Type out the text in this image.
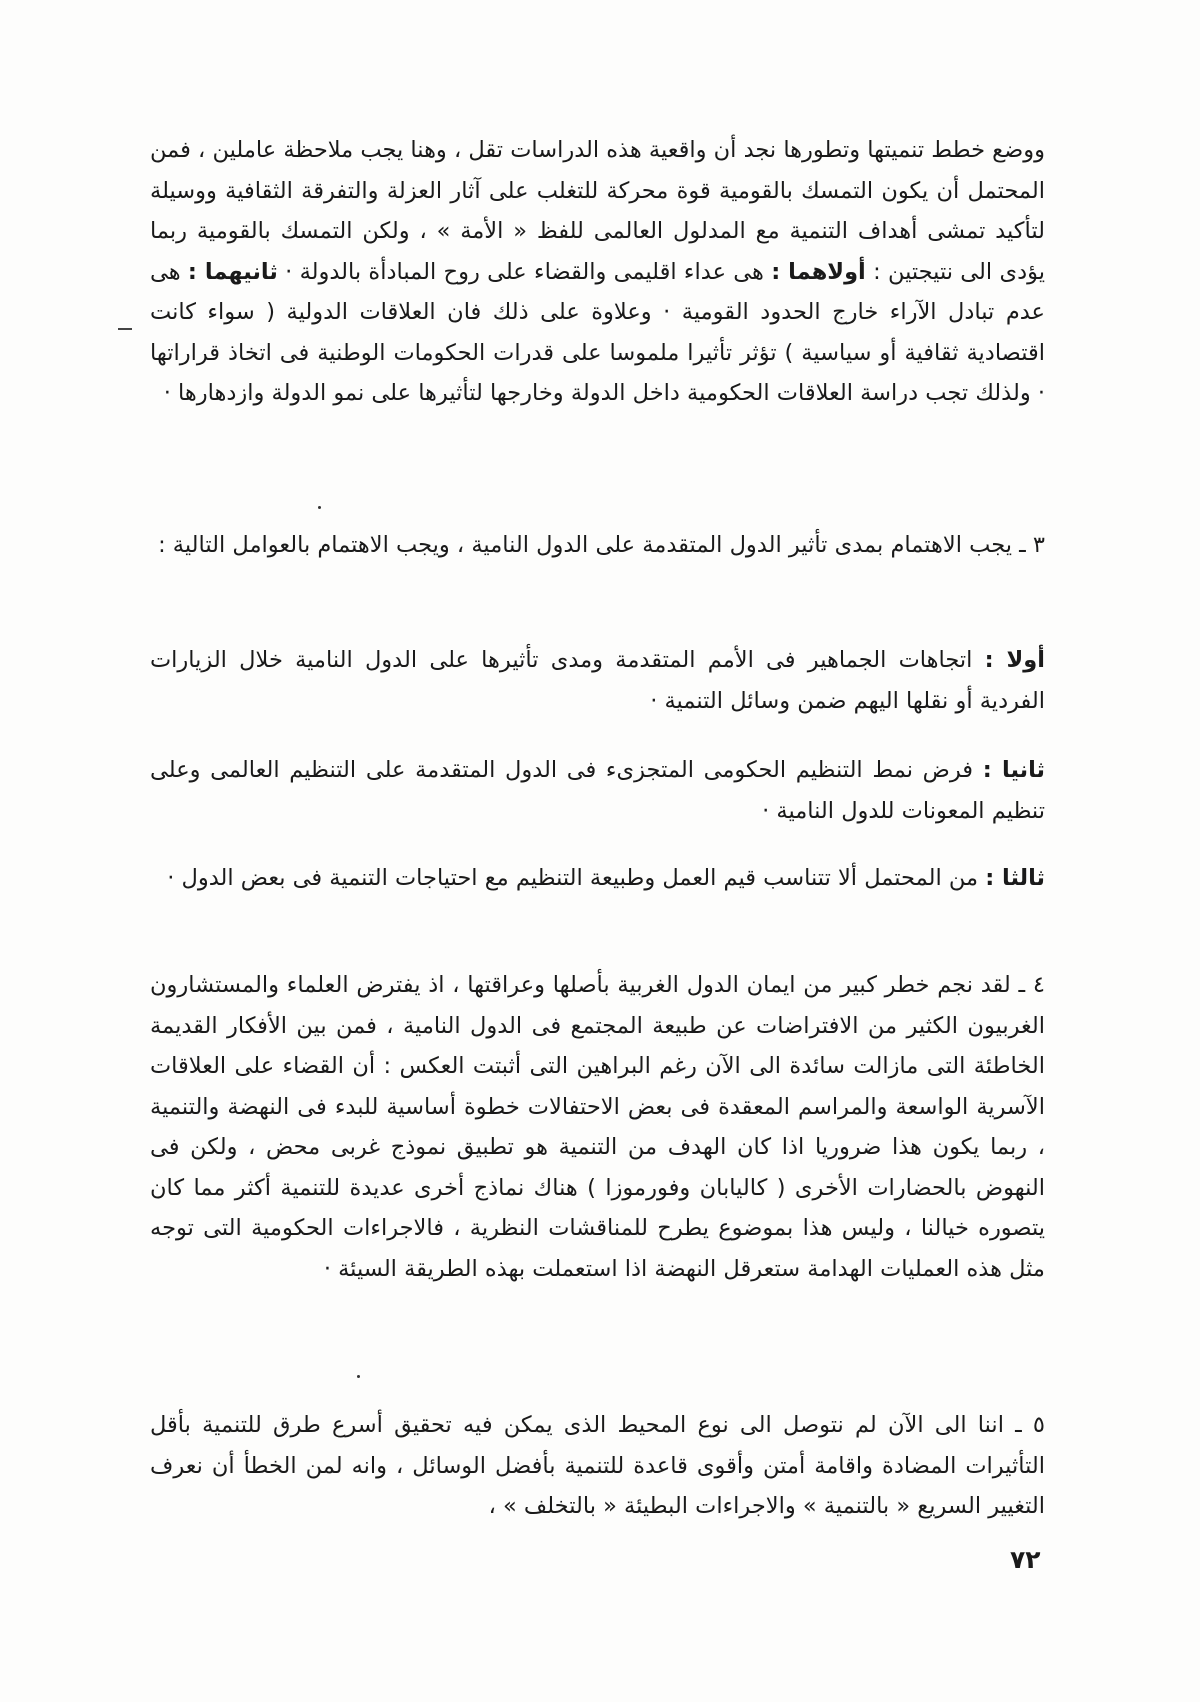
ووضع خطط تنميتها وتطورها نجد أن واقعية هذه الدراسات تقل ، وهنا يجب ملاحظة عاملين ، فمن المحتمل أن يكون التمسك بالقومية قوة محركة للتغلب على آثار العزلة والتفرقة الثقافية ووسيلة لتأكيد تمشى أهداف التنمية مع المدلول العالمى للفظ « الأمة » ، ولكن التمسك بالقومية ربما يؤدى الى نتيجتين : أولاهما : هى عداء اقليمى والقضاء على روح المبادأة بالدولة · ثانيهما : هى عدم تبادل الآراء خارج الحدود القومية · وعلاوة على ذلك فان العلاقات الدولية ( سواء كانت اقتصادية ثقافية أو سياسية ) تؤثر تأثيرا ملموسا على قدرات الحكومات الوطنية فى اتخاذ قراراتها · ولذلك تجب دراسة العلاقات الحكومية داخل الدولة وخارجها لتأثيرها على نمو الدولة وازدهارها ·

٣ ـ يجب الاهتمام بمدى تأثير الدول المتقدمة على الدول النامية ، ويجب الاهتمام بالعوامل التالية :

أولا : اتجاهات الجماهير فى الأمم المتقدمة ومدى تأثيرها على الدول النامية خلال الزيارات الفردية أو نقلها اليهم ضمن وسائل التنمية ·

ثانيا : فرض نمط التنظيم الحكومى المتجزىء فى الدول المتقدمة على التنظيم العالمى وعلى تنظيم المعونات للدول النامية ·

ثالثا : من المحتمل ألا تتناسب قيم العمل وطبيعة التنظيم مع احتياجات التنمية فى بعض الدول ·

٤ ـ لقد نجم خطر كبير من ايمان الدول الغربية بأصلها وعراقتها ، اذ يفترض العلماء والمستشارون الغربيون الكثير من الافتراضات عن طبيعة المجتمع فى الدول النامية ، فمن بين الأفكار القديمة الخاطئة التى مازالت سائدة الى الآن رغم البراهين التى أثبتت العكس : أن القضاء على العلاقات الآسرية الواسعة والمراسم المعقدة فى بعض الاحتفالات خطوة أساسية للبدء فى النهضة والتنمية ، ربما يكون هذا ضروريا اذا كان الهدف من التنمية هو تطبيق نموذج غربى محض ، ولكن فى النهوض بالحضارات الأخرى ( كاليابان وفورموزا ) هناك نماذج أخرى عديدة للتنمية أكثر مما كان يتصوره خيالنا ، وليس هذا بموضوع يطرح للمناقشات النظرية ، فالاجراءات الحكومية التى توجه مثل هذه العمليات الهدامة ستعرقل النهضة اذا استعملت بهذه الطريقة السيئة ·

٥ ـ اننا الى الآن لم نتوصل الى نوع المحيط الذى يمكن فيه تحقيق أسرع طرق للتنمية بأقل التأثيرات المضادة واقامة أمتن وأقوى قاعدة للتنمية بأفضل الوسائل ، وانه لمن الخطأ أن نعرف التغيير السريع « بالتنمية » والاجراءات البطيئة « بالتخلف » ،

٧٢
